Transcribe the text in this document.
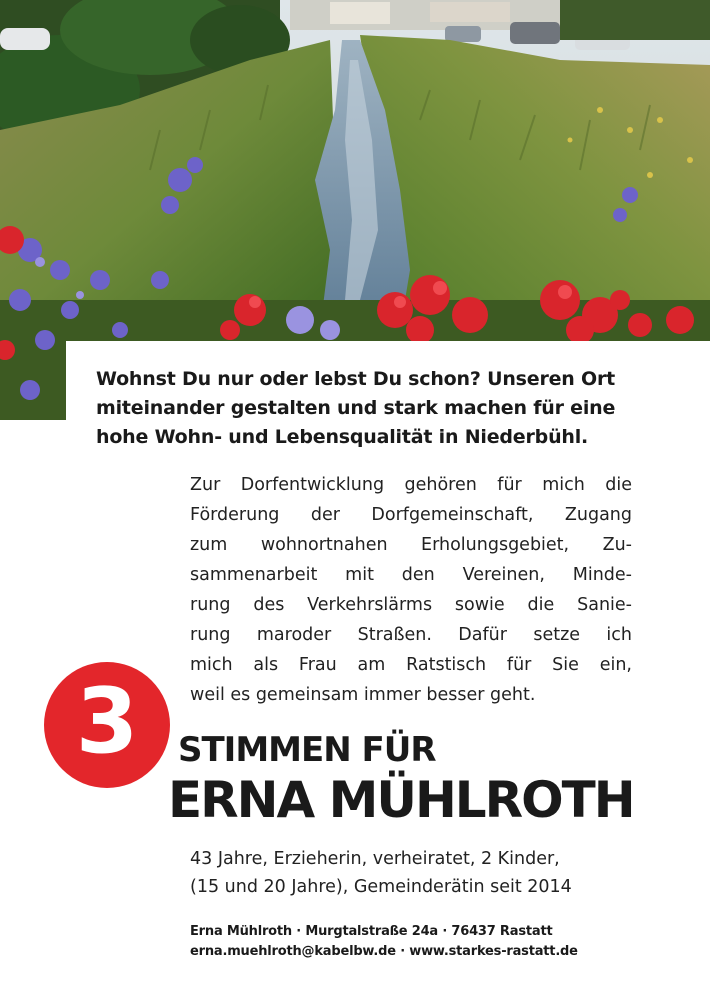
Wohnst Du nur oder lebst Du schon? Unseren Ort
miteinander gestalten und stark machen für eine
hohe Wohn- und Lebensqualität in Niederbühl.
Zur Dorfentwicklung gehören für mich die
Förderung der Dorfgemeinschaft, Zugang
zum wohnortnahen Erholungsgebiet, Zu-
sammenarbeit mit den Vereinen, Minde-
rung des Verkehrslärms sowie die Sanie-
rung maroder Straßen. Dafür setze ich
mich als Frau am Ratstisch für Sie ein,
weil es gemeinsam immer besser geht.
3	STIMMEN FÜR
ERNA MÜHLROTH
43 Jahre, Erzieherin, verheiratet, 2 Kinder,
(15 und 20 Jahre), Gemeinderätin seit 2014
Erna Mühlroth · Murgtalstraße 24a · 76437 Rastatt
erna.muehlroth@kabelbw.de · www.starkes-rastatt.de
